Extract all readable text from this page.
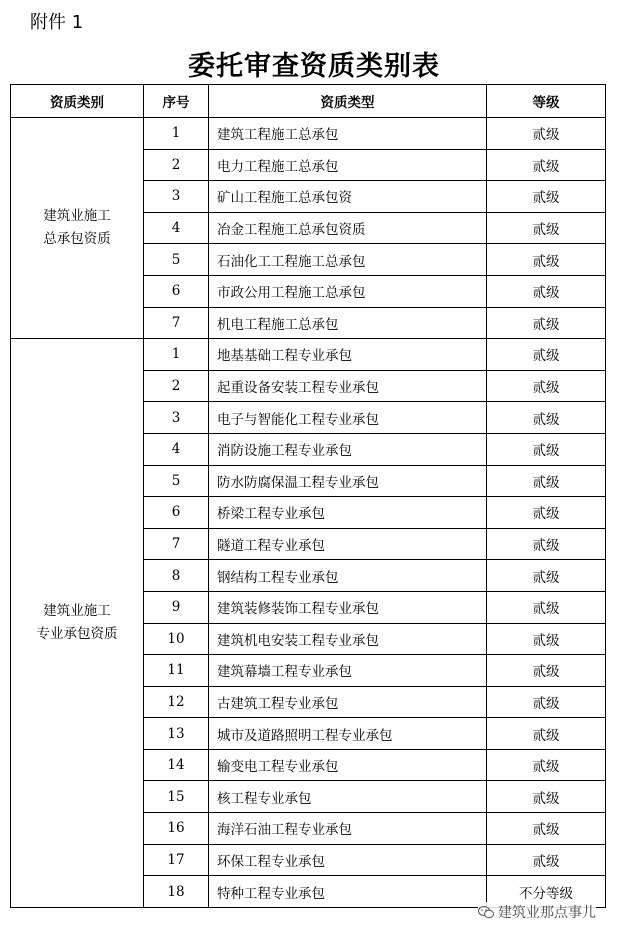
附件 1
委托审查资质类别表
资质类别	序号	资质类型	等级

建筑业施工
总承包资质	1	建筑工程施工总承包	贰级
	2	电力工程施工总承包	贰级
	3	矿山工程施工总承包资	贰级
	4	冶金工程施工总承包资质	贰级
	5	石油化工工程施工总承包	贰级
	6	市政公用工程施工总承包	贰级
	7	机电工程施工总承包	贰级

建筑业施工
专业承包资质	1	地基基础工程专业承包	贰级
	2	起重设备安装工程专业承包	贰级
	3	电子与智能化工程专业承包	贰级
	4	消防设施工程专业承包	贰级
	5	防水防腐保温工程专业承包	贰级
	6	桥梁工程专业承包	贰级
	7	隧道工程专业承包	贰级
	8	钢结构工程专业承包	贰级
	9	建筑装修装饰工程专业承包	贰级
	10	建筑机电安装工程专业承包	贰级
	11	建筑幕墙工程专业承包	贰级
	12	古建筑工程专业承包	贰级
	13	城市及道路照明工程专业承包	贰级
	14	输变电工程专业承包	贰级
	15	核工程专业承包	贰级
	16	海洋石油工程专业承包	贰级
	17	环保工程专业承包	贰级
	18	特种工程专业承包	不分等级
建筑业那点事儿
